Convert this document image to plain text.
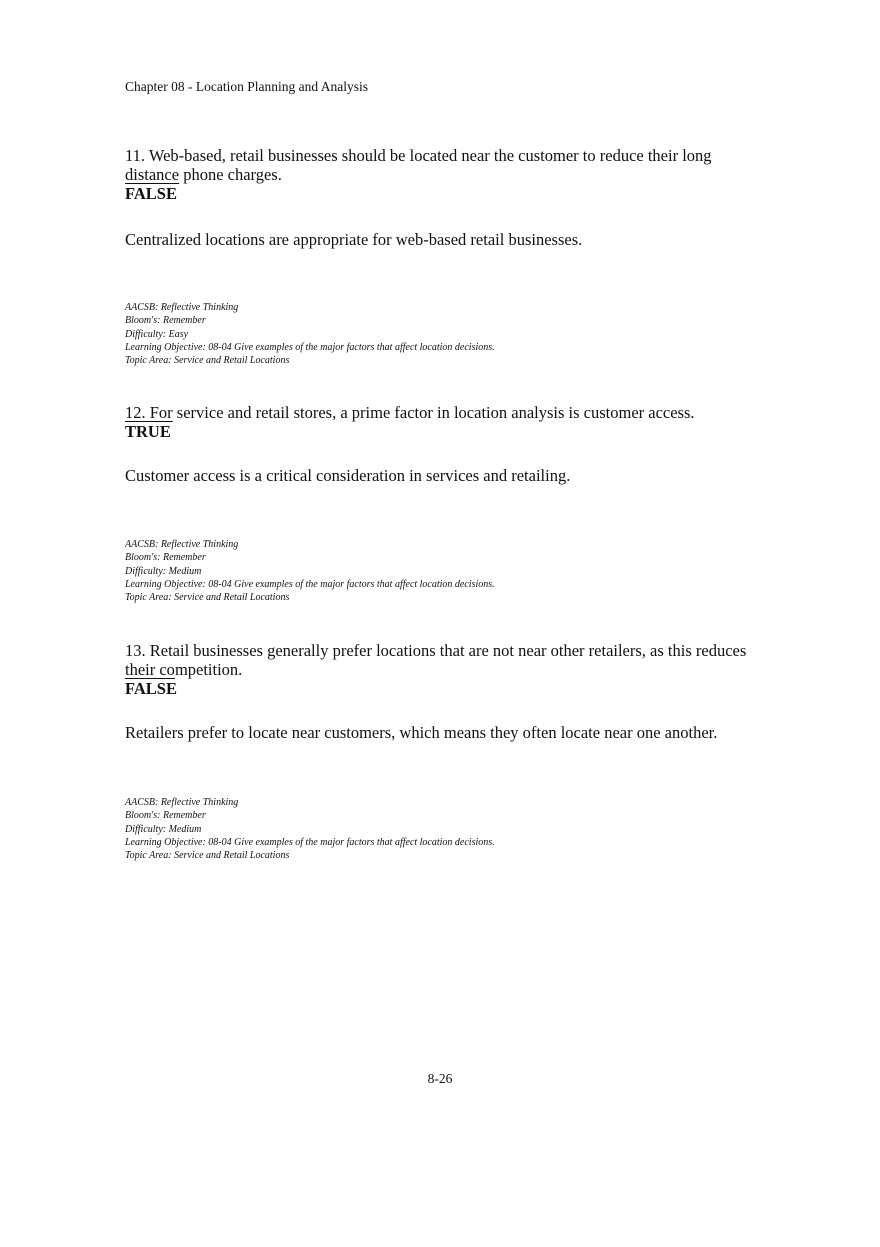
Chapter 08 - Location Planning and Analysis

11. Web-based, retail businesses should be located near the customer to reduce their long
distance phone charges.

FALSE

Centralized locations are appropriate for web-based retail businesses.

AACSB: Reflective Thinking
Bloom's: Remember
Difficulty: Easy
Learning Objective: 08-04 Give examples of the major factors that affect location decisions.
Topic Area: Service and Retail Locations

12. For service and retail stores, a prime factor in location analysis is customer access.

TRUE

Customer access is a critical consideration in services and retailing.

AACSB: Reflective Thinking
Bloom's: Remember
Difficulty: Medium
Learning Objective: 08-04 Give examples of the major factors that affect location decisions.
Topic Area: Service and Retail Locations

13. Retail businesses generally prefer locations that are not near other retailers, as this reduces
their competition.

FALSE

Retailers prefer to locate near customers, which means they often locate near one another.

AACSB: Reflective Thinking
Bloom's: Remember
Difficulty: Medium
Learning Objective: 08-04 Give examples of the major factors that affect location decisions.
Topic Area: Service and Retail Locations
8-26
